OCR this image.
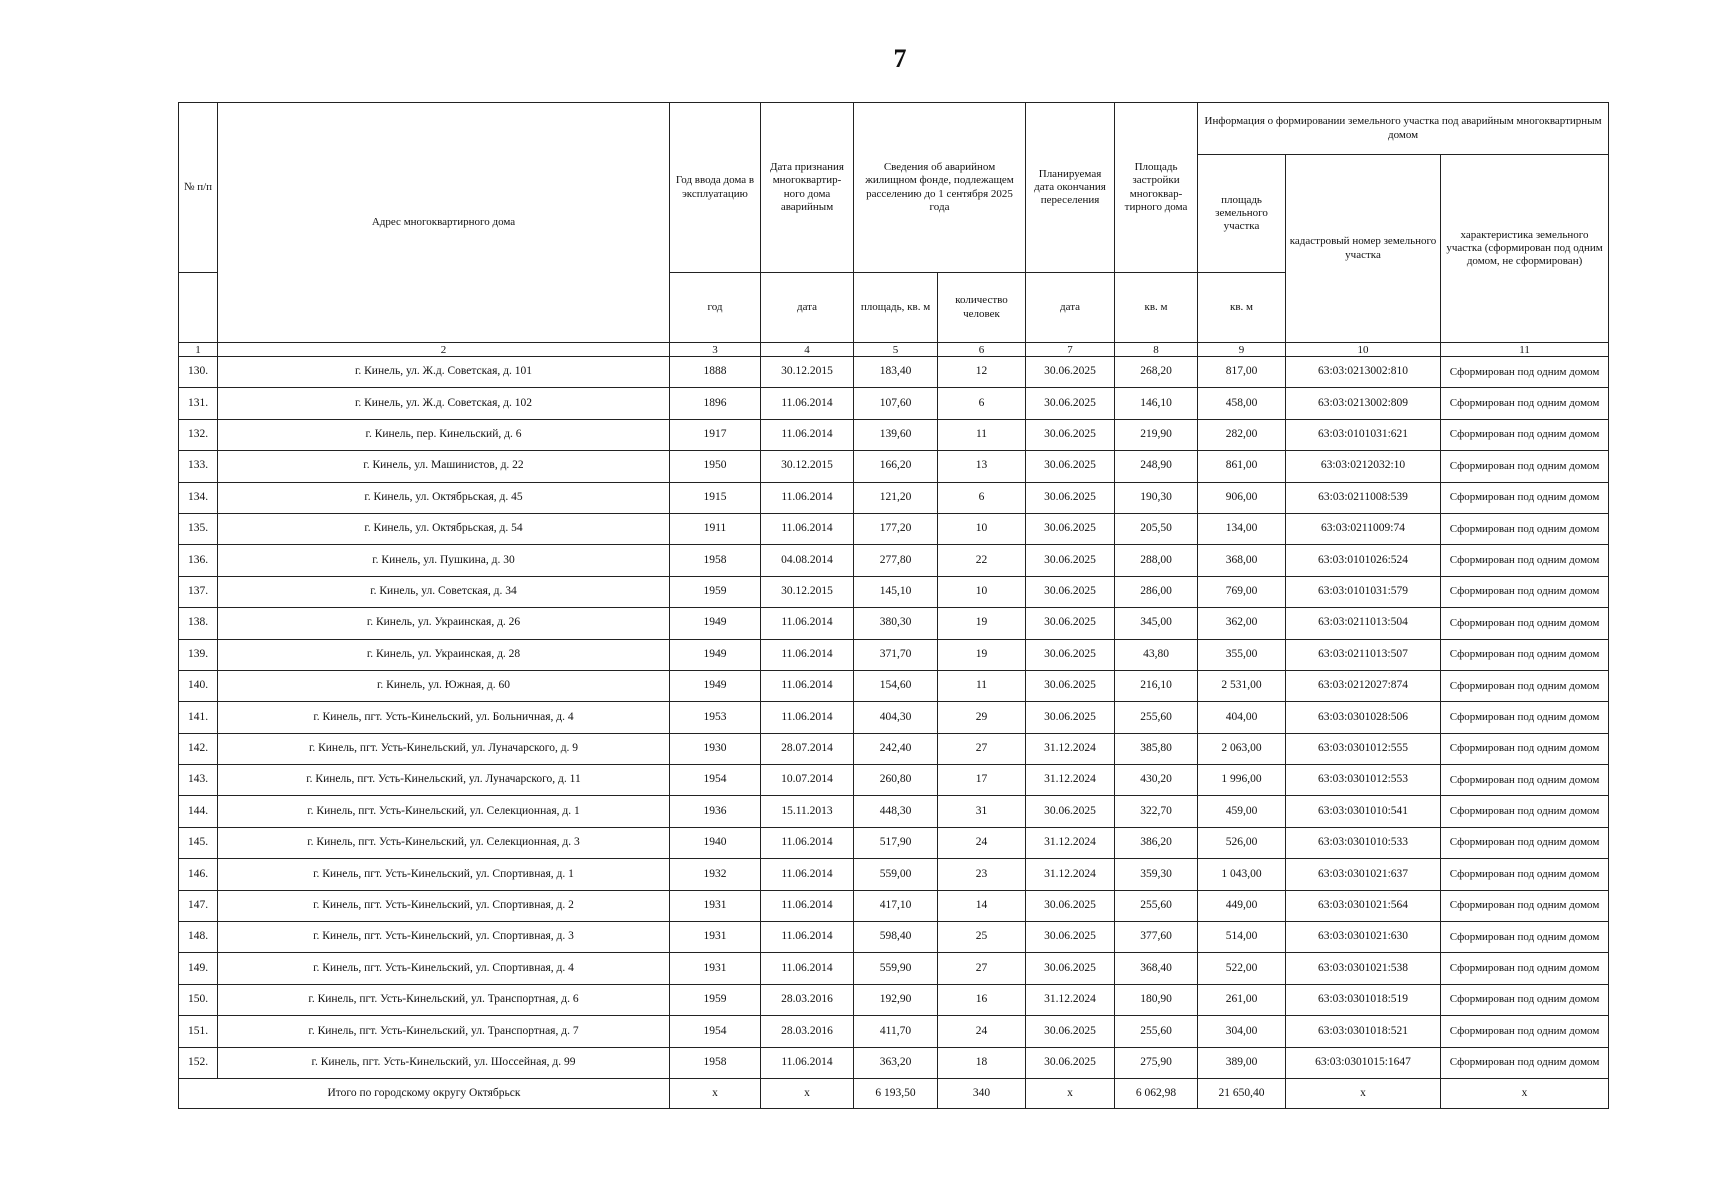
7
№ п/п	Адрес многоквартирного дома	Год ввода дома в эксплуатацию	Дата признания многоквартир-ного дома аварийным	Сведения об аварийном жилищном фонде, подлежащем расселению до 1 сентября 2025 года		Планируемая дата окончания переселения	Площадь застройки многоквар-тирного дома	Информация о формировании земельного участка под аварийным многоквартирным домом		
								площадь земельного участка	кадастровый номер земельного участка	характеристика земельного участка (сформирован под одним домом, не сформирован)
		год	дата	площадь, кв. м	количество человек	дата	кв. м	кв. м		
1	2	3	4	5	6	7	8	9	10	11
130.	г. Кинель, ул. Ж.д. Советская, д. 101	1888	30.12.2015	183,40	12	30.06.2025	268,20	817,00	63:03:0213002:810	Сформирован под одним домом
131.	г. Кинель, ул. Ж.д. Советская, д. 102	1896	11.06.2014	107,60	6	30.06.2025	146,10	458,00	63:03:0213002:809	Сформирован под одним домом
132.	г. Кинель, пер. Кинельский, д. 6	1917	11.06.2014	139,60	11	30.06.2025	219,90	282,00	63:03:0101031:621	Сформирован под одним домом
133.	г. Кинель, ул. Машинистов, д. 22	1950	30.12.2015	166,20	13	30.06.2025	248,90	861,00	63:03:0212032:10	Сформирован под одним домом
134.	г. Кинель, ул. Октябрьская, д. 45	1915	11.06.2014	121,20	6	30.06.2025	190,30	906,00	63:03:0211008:539	Сформирован под одним домом
135.	г. Кинель, ул. Октябрьская, д. 54	1911	11.06.2014	177,20	10	30.06.2025	205,50	134,00	63:03:0211009:74	Сформирован под одним домом
136.	г. Кинель, ул. Пушкина, д. 30	1958	04.08.2014	277,80	22	30.06.2025	288,00	368,00	63:03:0101026:524	Сформирован под одним домом
137.	г. Кинель, ул. Советская, д. 34	1959	30.12.2015	145,10	10	30.06.2025	286,00	769,00	63:03:0101031:579	Сформирован под одним домом
138.	г. Кинель, ул. Украинская, д. 26	1949	11.06.2014	380,30	19	30.06.2025	345,00	362,00	63:03:0211013:504	Сформирован под одним домом
139.	г. Кинель, ул. Украинская, д. 28	1949	11.06.2014	371,70	19	30.06.2025	43,80	355,00	63:03:0211013:507	Сформирован под одним домом
140.	г. Кинель, ул. Южная, д. 60	1949	11.06.2014	154,60	11	30.06.2025	216,10	2 531,00	63:03:0212027:874	Сформирован под одним домом
141.	г. Кинель, пгт. Усть-Кинельский, ул. Больничная, д. 4	1953	11.06.2014	404,30	29	30.06.2025	255,60	404,00	63:03:0301028:506	Сформирован под одним домом
142.	г. Кинель, пгт. Усть-Кинельский, ул. Луначарского, д. 9	1930	28.07.2014	242,40	27	31.12.2024	385,80	2 063,00	63:03:0301012:555	Сформирован под одним домом
143.	г. Кинель, пгт. Усть-Кинельский, ул. Луначарского, д. 11	1954	10.07.2014	260,80	17	31.12.2024	430,20	1 996,00	63:03:0301012:553	Сформирован под одним домом
144.	г. Кинель, пгт. Усть-Кинельский, ул. Селекционная, д. 1	1936	15.11.2013	448,30	31	30.06.2025	322,70	459,00	63:03:0301010:541	Сформирован под одним домом
145.	г. Кинель, пгт. Усть-Кинельский, ул. Селекционная, д. 3	1940	11.06.2014	517,90	24	31.12.2024	386,20	526,00	63:03:0301010:533	Сформирован под одним домом
146.	г. Кинель, пгт. Усть-Кинельский, ул. Спортивная, д. 1	1932	11.06.2014	559,00	23	31.12.2024	359,30	1 043,00	63:03:0301021:637	Сформирован под одним домом
147.	г. Кинель, пгт. Усть-Кинельский, ул. Спортивная, д. 2	1931	11.06.2014	417,10	14	30.06.2025	255,60	449,00	63:03:0301021:564	Сформирован под одним домом
148.	г. Кинель, пгт. Усть-Кинельский, ул. Спортивная, д. 3	1931	11.06.2014	598,40	25	30.06.2025	377,60	514,00	63:03:0301021:630	Сформирован под одним домом
149.	г. Кинель, пгт. Усть-Кинельский, ул. Спортивная, д. 4	1931	11.06.2014	559,90	27	30.06.2025	368,40	522,00	63:03:0301021:538	Сформирован под одним домом
150.	г. Кинель, пгт. Усть-Кинельский, ул. Транспортная, д. 6	1959	28.03.2016	192,90	16	31.12.2024	180,90	261,00	63:03:0301018:519	Сформирован под одним домом
151.	г. Кинель, пгт. Усть-Кинельский, ул. Транспортная, д. 7	1954	28.03.2016	411,70	24	30.06.2025	255,60	304,00	63:03:0301018:521	Сформирован под одним домом
152.	г. Кинель, пгт. Усть-Кинельский, ул. Шоссейная, д. 99	1958	11.06.2014	363,20	18	30.06.2025	275,90	389,00	63:03:0301015:1647	Сформирован под одним домом
Итого по городскому округу Октябрьск		x	x	6 193,50	340	x	6 062,98	21 650,40	x	x
